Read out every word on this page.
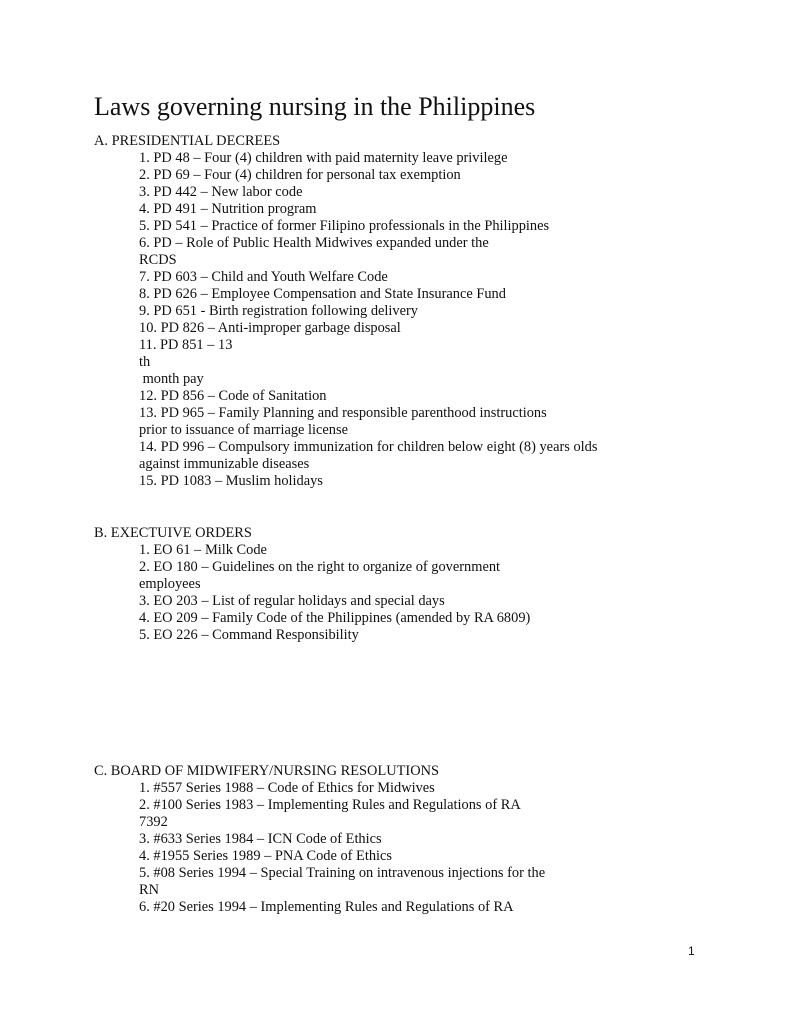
Laws governing nursing in the Philippines
A. PRESIDENTIAL DECREES
1. PD 48 – Four (4) children with paid maternity leave privilege
2. PD 69 – Four (4) children for personal tax exemption
3. PD 442 – New labor code
4. PD 491 – Nutrition program
5. PD 541 – Practice of former Filipino professionals in the Philippines
6. PD – Role of Public Health Midwives expanded under the
RCDS
7. PD 603 – Child and Youth Welfare Code
8. PD 626 – Employee Compensation and State Insurance Fund
9. PD 651 - Birth registration following delivery
10. PD 826 – Anti-improper garbage disposal
11. PD 851 – 13
th
month pay
12. PD 856 – Code of Sanitation
13. PD 965 – Family Planning and responsible parenthood instructions
prior to issuance of marriage license
14. PD 996 – Compulsory immunization for children below eight (8) years olds
against immunizable diseases
15. PD 1083 – Muslim holidays
B. EXECTUIVE ORDERS
1. EO 61 – Milk Code
2. EO 180 – Guidelines on the right to organize of government
employees
3. EO 203 – List of regular holidays and special days
4. EO 209 – Family Code of the Philippines (amended by RA 6809)
5. EO 226 – Command Responsibility
C. BOARD OF MIDWIFERY/NURSING RESOLUTIONS
1. #557 Series 1988 – Code of Ethics for Midwives
2. #100 Series 1983 – Implementing Rules and Regulations of RA
7392
3. #633 Series 1984 – ICN Code of Ethics
4. #1955 Series 1989 – PNA Code of Ethics
5. #08 Series 1994 – Special Training on intravenous injections for the
RN
6. #20 Series 1994 – Implementing Rules and Regulations of RA
1
